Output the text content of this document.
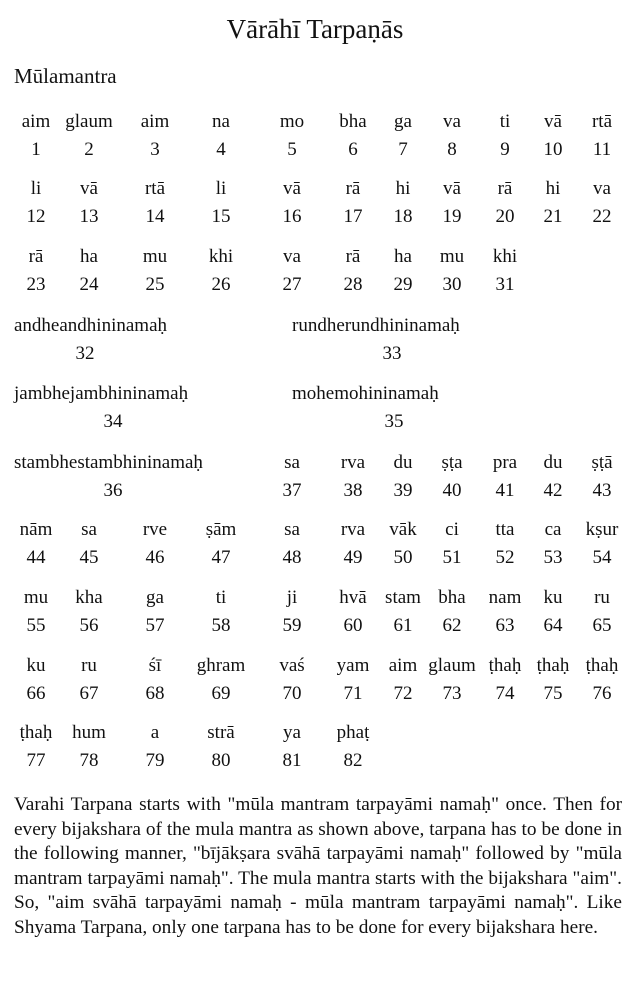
Vārāhī Tarpaṇās
Mūlamantra
aim
1
glaum
2
aim
3
na
4
mo
5
bha
6
ga
7
va
8
ti
9
vā
10
rtā
11
li
12
vā
13
rtā
14
li
15
vā
16
rā
17
hi
18
vā
19
rā
20
hi
21
va
22
rā
23
ha
24
mu
25
khi
26
va
27
rā
28
ha
29
mu
30
khi
31
andheandhininamaḥ
32
rundherundhininamaḥ
33
jambhejambhininamaḥ
34
mohemohininamaḥ
35
stambhestambhininamaḥ
36
sa
37
rva
38
du
39
ṣṭa
40
pra
41
du
42
ṣṭā
43
nām
44
sa
45
rve
46
ṣām
47
sa
48
rva
49
vāk
50
ci
51
tta
52
ca
53
kṣur
54
mu
55
kha
56
ga
57
ti
58
ji
59
hvā
60
stam
61
bha
62
nam
63
ku
64
ru
65
ku
66
ru
67
śī
68
ghram
69
vaś
70
yam
71
aim
72
glaum
73
ṭhaḥ
74
ṭhaḥ
75
ṭhaḥ
76
ṭhaḥ
77
hum
78
a
79
strā
80
ya
81
phaṭ
82
Varahi Tarpana starts with "mūla mantram tarpayāmi namaḥ" once. Then for every bijakshara of the mula mantra as shown above, tarpana has to be done in the following manner, "bījākṣara svāhā tarpayāmi namaḥ" followed by "mūla mantram tarpayāmi namaḥ". The mula mantra starts with the bijakshara "aim". So, "aim svāhā tarpayāmi namaḥ - mūla mantram tarpayāmi namaḥ". Like Shyama Tarpana, only one tarpana has to be done for every bijakshara here.
